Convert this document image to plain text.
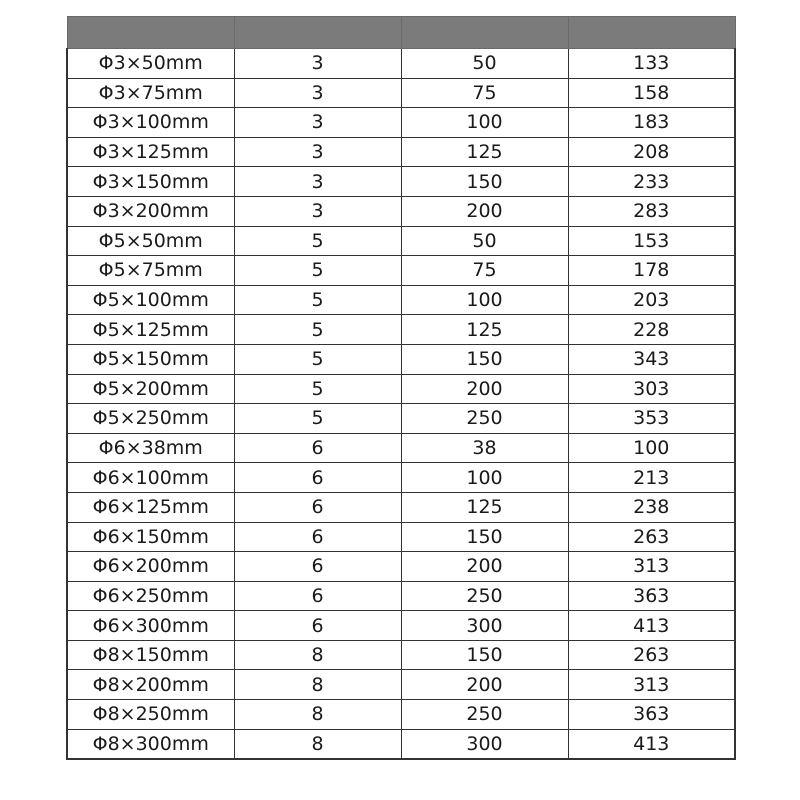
Φ3×50mm	3	50	133
Φ3×75mm	3	75	158
Φ3×100mm	3	100	183
Φ3×125mm	3	125	208
Φ3×150mm	3	150	233
Φ3×200mm	3	200	283
Φ5×50mm	5	50	153
Φ5×75mm	5	75	178
Φ5×100mm	5	100	203
Φ5×125mm	5	125	228
Φ5×150mm	5	150	343
Φ5×200mm	5	200	303
Φ5×250mm	5	250	353
Φ6×38mm	6	38	100
Φ6×100mm	6	100	213
Φ6×125mm	6	125	238
Φ6×150mm	6	150	263
Φ6×200mm	6	200	313
Φ6×250mm	6	250	363
Φ6×300mm	6	300	413
Φ8×150mm	8	150	263
Φ8×200mm	8	200	313
Φ8×250mm	8	250	363
Φ8×300mm	8	300	413
